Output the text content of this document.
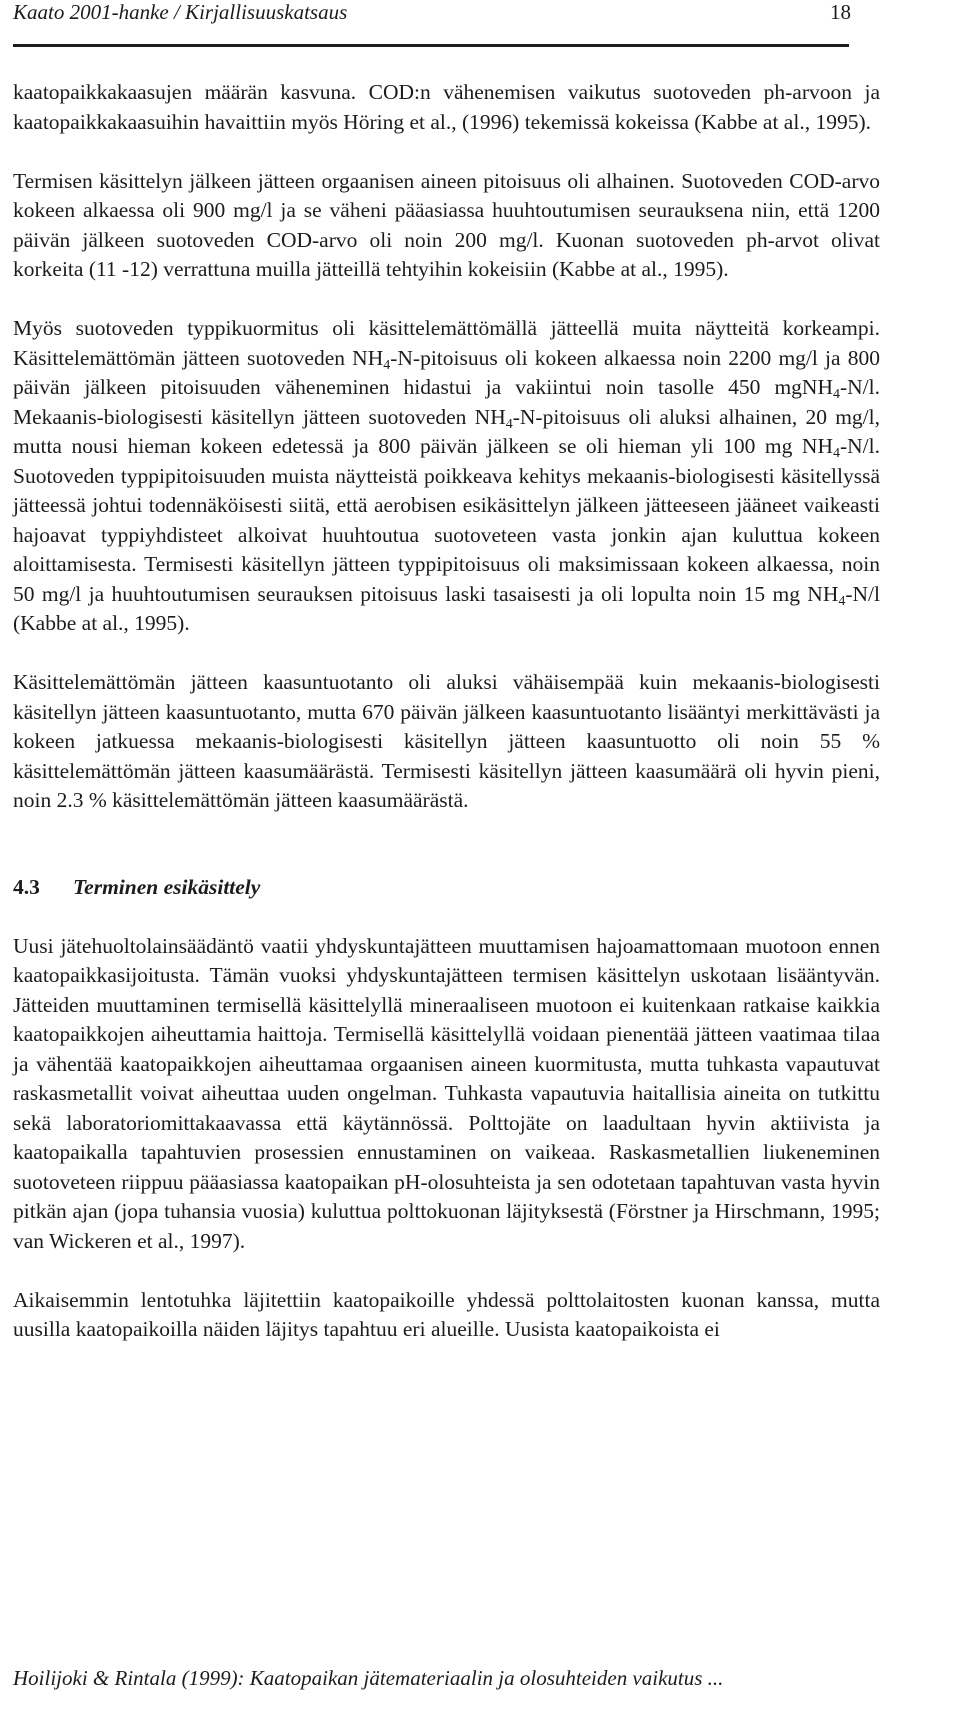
Kaato 2001-hanke / Kirjallisuuskatsaus	18

kaatopaikkakaasujen määrän kasvuna. COD:n vähenemisen vaikutus suotoveden ph-arvoon ja kaatopaikkakaasuihin havaittiin myös Höring et al., (1996) tekemissä kokeissa (Kabbe at al., 1995).

Termisen käsittelyn jälkeen jätteen orgaanisen aineen pitoisuus oli alhainen. Suotoveden COD-arvo kokeen alkaessa oli 900 mg/l ja se väheni pääasiassa huuhtoutumisen seurauksena niin, että 1200 päivän jälkeen suotoveden COD-arvo oli noin 200 mg/l. Kuonan suotoveden ph-arvot olivat korkeita (11 -12) verrattuna muilla jätteillä tehtyihin kokeisiin (Kabbe at al., 1995).

Myös suotoveden typpikuormitus oli käsittelemättömällä jätteellä muita näytteitä korkeampi. Käsittelemättömän jätteen suotoveden $NH_4-N$-pitoisuus oli kokeen alkaessa noin 2200 mg/l ja 800 päivän jälkeen pitoisuuden väheneminen hidastui ja vakiintui noin tasolle 450 mgNH$_4$-N/l. Mekaanis-biologisesti käsitellyn jätteen suotoveden $NH_4-N$-pitoisuus oli aluksi alhainen, 20 mg/l, mutta nousi hieman kokeen edetessä ja 800 päivän jälkeen se oli hieman yli 100 mg $NH_4-N/l$. Suotoveden typpipitoisuuden muista näytteistä poikkeava kehitys mekaanis-biologisesti käsitellyssä jätteessä johtui todennäköisesti siitä, että aerobisen esikäsittelyn jälkeen jätteeseen jääneet vaikeasti hajoavat typpiyhdisteet alkoivat huuhtoutua suotoveteen vasta jonkin ajan kuluttua kokeen aloittamisesta. Termisesti käsitellyn jätteen typpipitoisuus oli maksimissaan kokeen alkaessa, noin 50 mg/l ja huuhtoutumisen seurauksen pitoisuus laski tasaisesti ja oli lopulta noin 15 mg $NH_4-N/l$ (Kabbe at al., 1995).

Käsittelemättömän jätteen kaasuntuotanto oli aluksi vähäisempää kuin mekaanis-biologisesti käsitellyn jätteen kaasuntuotanto, mutta 670 päivän jälkeen kaasuntuotanto lisääntyi merkittävästi ja kokeen jatkuessa mekaanis-biologisesti käsitellyn jätteen kaasuntuotto oli noin 55 % käsittelemättömän jätteen kaasumäärästä. Termisesti käsitellyn jätteen kaasumäärä oli hyvin pieni, noin 2.3 % käsittelemättömän jätteen kaasumäärästä.

4.3 Terminen esikäsittely

Uusi jätehuoltolainsäädäntö vaatii yhdyskuntajätteen muuttamisen hajoamattomaan muotoon ennen kaatopaikkasijoitusta. Tämän vuoksi yhdyskuntajätteen termisen käsittelyn uskotaan lisääntyvän. Jätteiden muuttaminen termisellä käsittelyllä mineraaliseen muotoon ei kuitenkaan ratkaise kaikkia kaatopaikkojen aiheuttamia haittoja. Termisellä käsittelyllä voidaan pienentää jätteen vaatimaa tilaa ja vähentää kaatopaikkojen aiheuttamaa orgaanisen aineen kuormitusta, mutta tuhkasta vapautuvat raskasmetallit voivat aiheuttaa uuden ongelman. Tuhkasta vapautuvia haitallisia aineita on tutkittu sekä laboratoriomittakaavassa että käytännössä. Polttojäte on laadultaan hyvin aktiivista ja kaatopaikalla tapahtuvien prosessien ennustaminen on vaikeaa. Raskasmetallien liukeneminen suotoveteen riippuu pääasiassa kaatopaikan pH-olosuhteista ja sen odotetaan tapahtuvan vasta hyvin pitkän ajan (jopa tuhansia vuosia) kuluttua polttokuonan läjityksestä (Förstner ja Hirschmann, 1995; van Wickeren et al., 1997).

Aikaisemmin lentotuhka läjitettiin kaatopaikoille yhdessä polttolaitosten kuonan kanssa, mutta uusilla kaatopaikoilla näiden läjitys tapahtuu eri alueille. Uusista kaatopaikoista ei

Hoilijoki & Rintala (1999): Kaatopaikan jätemateriaalin ja olosuhteiden vaikutus ...
